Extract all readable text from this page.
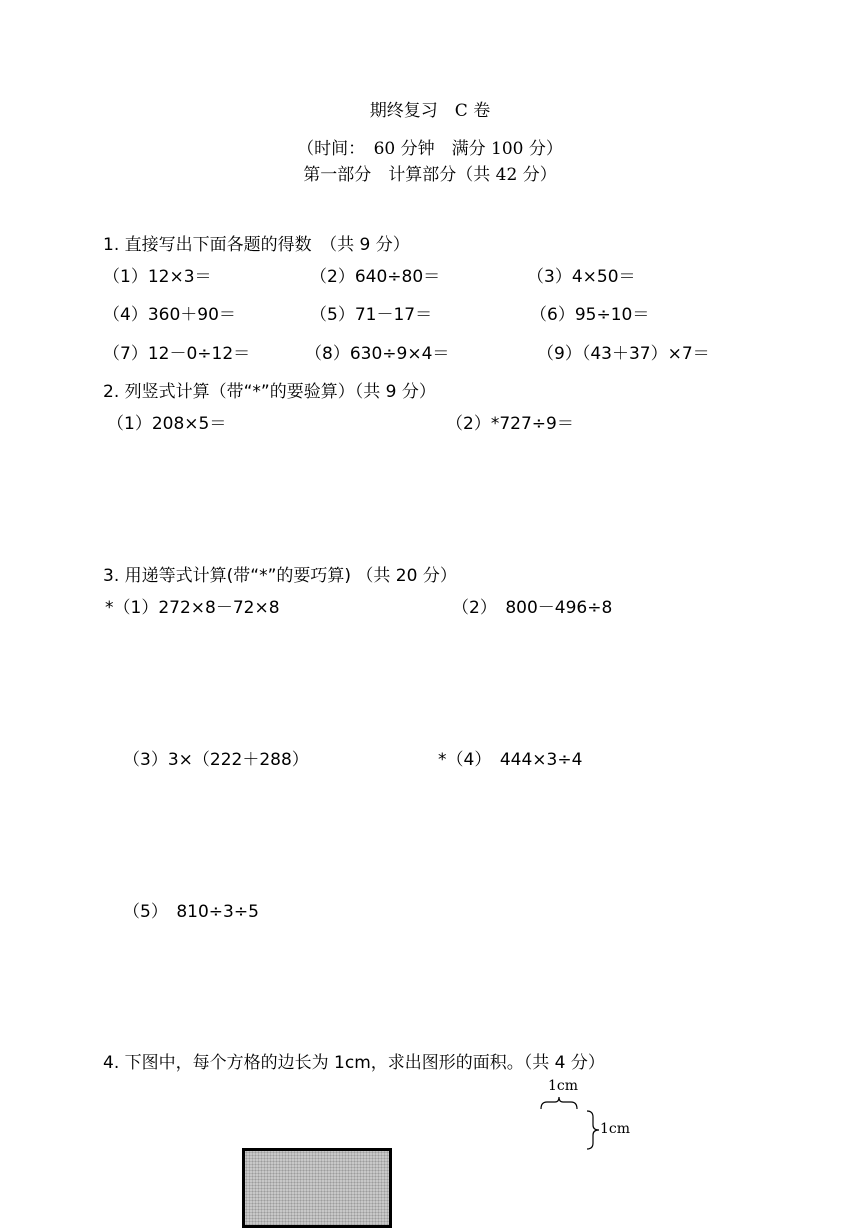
期终复习　C 卷
（时间：　60 分钟　满分 100 分）
第一部分　计算部分（共 42 分）
1. 直接写出下面各题的得数　（共 9 分）
（1）12×3＝	（2）640÷80＝	（3）4×50＝
（4）360＋90＝	（5）71－17＝	（6）95÷10＝
（7）12－0÷12＝	（8）630÷9×4＝	（9）（43＋37）×7＝
2. 列竖式计算（带“*”的要验算）（共 9 分）
（1）208×5＝	（2）*727÷9＝
3. 用递等式计算(带“*”的要巧算) （共 20 分）
*（1）272×8－72×8	（2）　800－496÷8
（3）3×（222＋288）	*（4）　444×3÷4
（5）　810÷3÷5
4. 下图中，每个方格的边长为 1cm，求出图形的面积。（共 4 分）
1cm
1cm
